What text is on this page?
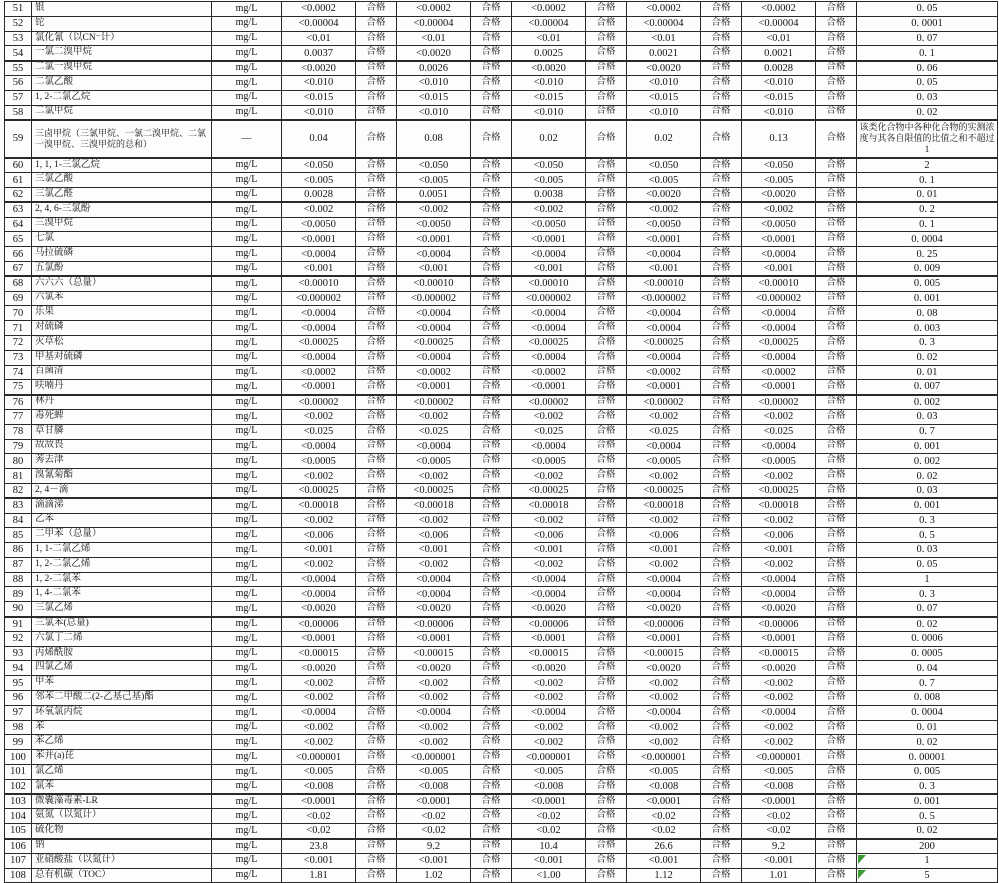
51	银	mg/L	<0.0002	合格	<0.0002	合格	<0.0002	合格	<0.0002	合格	<0.0002	合格	0. 05
52	铊	mg/L	<0.00004	合格	<0.00004	合格	<0.00004	合格	<0.00004	合格	<0.00004	合格	0. 0001
53	氯化氰（以CN⁻计）	mg/L	<0.01	合格	<0.01	合格	<0.01	合格	<0.01	合格	<0.01	合格	0. 07
54	一氯二溴甲烷	mg/L	0.0037	合格	<0.0020	合格	0.0025	合格	0.0021	合格	0.0021	合格	0. 1
55	二氯一溴甲烷	mg/L	<0.0020	合格	0.0026	合格	<0.0020	合格	<0.0020	合格	0.0028	合格	0. 06
56	二氯乙酸	mg/L	<0.010	合格	<0.010	合格	<0.010	合格	<0.010	合格	<0.010	合格	0. 05
57	1, 2-二氯乙烷	mg/L	<0.015	合格	<0.015	合格	<0.015	合格	<0.015	合格	<0.015	合格	0. 03
58	二氯甲烷	mg/L	<0.010	合格	<0.010	合格	<0.010	合格	<0.010	合格	<0.010	合格	0. 02
59	三卤甲烷（三氯甲烷、一氯二溴甲烷、二氯一溴甲烷、三溴甲烷的总和）	—	0.04	合格	0.08	合格	0.02	合格	0.02	合格	0.13	合格	该类化合物中各种化合物的实测浓度与其各自限值的比值之和不超过1
60	1, 1, 1-三氯乙烷	mg/L	<0.050	合格	<0.050	合格	<0.050	合格	<0.050	合格	<0.050	合格	2
61	三氯乙酸	mg/L	<0.005	合格	<0.005	合格	<0.005	合格	<0.005	合格	<0.005	合格	0. 1
62	三氯乙醛	mg/L	0.0028	合格	0.0051	合格	0.0038	合格	<0.0020	合格	<0.0020	合格	0. 01
63	2, 4, 6-三氯酚	mg/L	<0.002	合格	<0.002	合格	<0.002	合格	<0.002	合格	<0.002	合格	0. 2
64	三溴甲烷	mg/L	<0.0050	合格	<0.0050	合格	<0.0050	合格	<0.0050	合格	<0.0050	合格	0. 1
65	七氯	mg/L	<0.0001	合格	<0.0001	合格	<0.0001	合格	<0.0001	合格	<0.0001	合格	0. 0004
66	马拉硫磷	mg/L	<0.0004	合格	<0.0004	合格	<0.0004	合格	<0.0004	合格	<0.0004	合格	0. 25
67	五氯酚	mg/L	<0.001	合格	<0.001	合格	<0.001	合格	<0.001	合格	<0.001	合格	0. 009
68	六六六（总量）	mg/L	<0.00010	合格	<0.00010	合格	<0.00010	合格	<0.00010	合格	<0.00010	合格	0. 005
69	六氯苯	mg/L	<0.000002	合格	<0.000002	合格	<0.000002	合格	<0.000002	合格	<0.000002	合格	0. 001
70	乐果	mg/L	<0.0004	合格	<0.0004	合格	<0.0004	合格	<0.0004	合格	<0.0004	合格	0. 08
71	对硫磷	mg/L	<0.0004	合格	<0.0004	合格	<0.0004	合格	<0.0004	合格	<0.0004	合格	0. 003
72	灭草松	mg/L	<0.00025	合格	<0.00025	合格	<0.00025	合格	<0.00025	合格	<0.00025	合格	0. 3
73	甲基对硫磷	mg/L	<0.0004	合格	<0.0004	合格	<0.0004	合格	<0.0004	合格	<0.0004	合格	0. 02
74	百菌清	mg/L	<0.0002	合格	<0.0002	合格	<0.0002	合格	<0.0002	合格	<0.0002	合格	0. 01
75	呋喃丹	mg/L	<0.0001	合格	<0.0001	合格	<0.0001	合格	<0.0001	合格	<0.0001	合格	0. 007
76	林丹	mg/L	<0.00002	合格	<0.00002	合格	<0.00002	合格	<0.00002	合格	<0.00002	合格	0. 002
77	毒死蜱	mg/L	<0.002	合格	<0.002	合格	<0.002	合格	<0.002	合格	<0.002	合格	0. 03
78	草甘膦	mg/L	<0.025	合格	<0.025	合格	<0.025	合格	<0.025	合格	<0.025	合格	0. 7
79	敌敌畏	mg/L	<0.0004	合格	<0.0004	合格	<0.0004	合格	<0.0004	合格	<0.0004	合格	0. 001
80	莠去津	mg/L	<0.0005	合格	<0.0005	合格	<0.0005	合格	<0.0005	合格	<0.0005	合格	0. 002
81	溴氰菊酯	mg/L	<0.002	合格	<0.002	合格	<0.002	合格	<0.002	合格	<0.002	合格	0. 02
82	2, 4－滴	mg/L	<0.00025	合格	<0.00025	合格	<0.00025	合格	<0.00025	合格	<0.00025	合格	0. 03
83	滴滴涕	mg/L	<0.00018	合格	<0.00018	合格	<0.00018	合格	<0.00018	合格	<0.00018	合格	0. 001
84	乙苯	mg/L	<0.002	合格	<0.002	合格	<0.002	合格	<0.002	合格	<0.002	合格	0. 3
85	二甲苯（总量）	mg/L	<0.006	合格	<0.006	合格	<0.006	合格	<0.006	合格	<0.006	合格	0. 5
86	1, 1-二氯乙烯	mg/L	<0.001	合格	<0.001	合格	<0.001	合格	<0.001	合格	<0.001	合格	0. 03
87	1, 2-二氯乙烯	mg/L	<0.002	合格	<0.002	合格	<0.002	合格	<0.002	合格	<0.002	合格	0. 05
88	1, 2-二氯苯	mg/L	<0.0004	合格	<0.0004	合格	<0.0004	合格	<0.0004	合格	<0.0004	合格	1
89	1, 4-二氯苯	mg/L	<0.0004	合格	<0.0004	合格	<0.0004	合格	<0.0004	合格	<0.0004	合格	0. 3
90	三氯乙烯	mg/L	<0.0020	合格	<0.0020	合格	<0.0020	合格	<0.0020	合格	<0.0020	合格	0. 07
91	三氯苯(总量)	mg/L	<0.00006	合格	<0.00006	合格	<0.00006	合格	<0.00006	合格	<0.00006	合格	0. 02
92	六氯丁二烯	mg/L	<0.0001	合格	<0.0001	合格	<0.0001	合格	<0.0001	合格	<0.0001	合格	0. 0006
93	丙烯酰胺	mg/L	<0.00015	合格	<0.00015	合格	<0.00015	合格	<0.00015	合格	<0.00015	合格	0. 0005
94	四氯乙烯	mg/L	<0.0020	合格	<0.0020	合格	<0.0020	合格	<0.0020	合格	<0.0020	合格	0. 04
95	甲苯	mg/L	<0.002	合格	<0.002	合格	<0.002	合格	<0.002	合格	<0.002	合格	0. 7
96	邻苯二甲酸二(2-乙基己基)酯	mg/L	<0.002	合格	<0.002	合格	<0.002	合格	<0.002	合格	<0.002	合格	0. 008
97	环氧氯丙烷	mg/L	<0.0004	合格	<0.0004	合格	<0.0004	合格	<0.0004	合格	<0.0004	合格	0. 0004
98	苯	mg/L	<0.002	合格	<0.002	合格	<0.002	合格	<0.002	合格	<0.002	合格	0. 01
99	苯乙烯	mg/L	<0.002	合格	<0.002	合格	<0.002	合格	<0.002	合格	<0.002	合格	0. 02
100	苯并(a)芘	mg/L	<0.000001	合格	<0.000001	合格	<0.000001	合格	<0.000001	合格	<0.000001	合格	0. 00001
101	氯乙烯	mg/L	<0.005	合格	<0.005	合格	<0.005	合格	<0.005	合格	<0.005	合格	0. 005
102	氯苯	mg/L	<0.008	合格	<0.008	合格	<0.008	合格	<0.008	合格	<0.008	合格	0. 3
103	微囊藻毒素-LR	mg/L	<0.0001	合格	<0.0001	合格	<0.0001	合格	<0.0001	合格	<0.0001	合格	0. 001
104	氨氮（以氮计）	mg/L	<0.02	合格	<0.02	合格	<0.02	合格	<0.02	合格	<0.02	合格	0. 5
105	硫化物	mg/L	<0.02	合格	<0.02	合格	<0.02	合格	<0.02	合格	<0.02	合格	0. 02
106	钠	mg/L	23.8	合格	9.2	合格	10.4	合格	26.6	合格	9.2	合格	200
107	亚硝酸盐（以氮计）	mg/L	<0.001	合格	<0.001	合格	<0.001	合格	<0.001	合格	<0.001	合格	1

108	总有机碳（TOC）	mg/L	1.81	合格	1.02	合格	<1.00	合格	1.12	合格	1.01	合格	5
